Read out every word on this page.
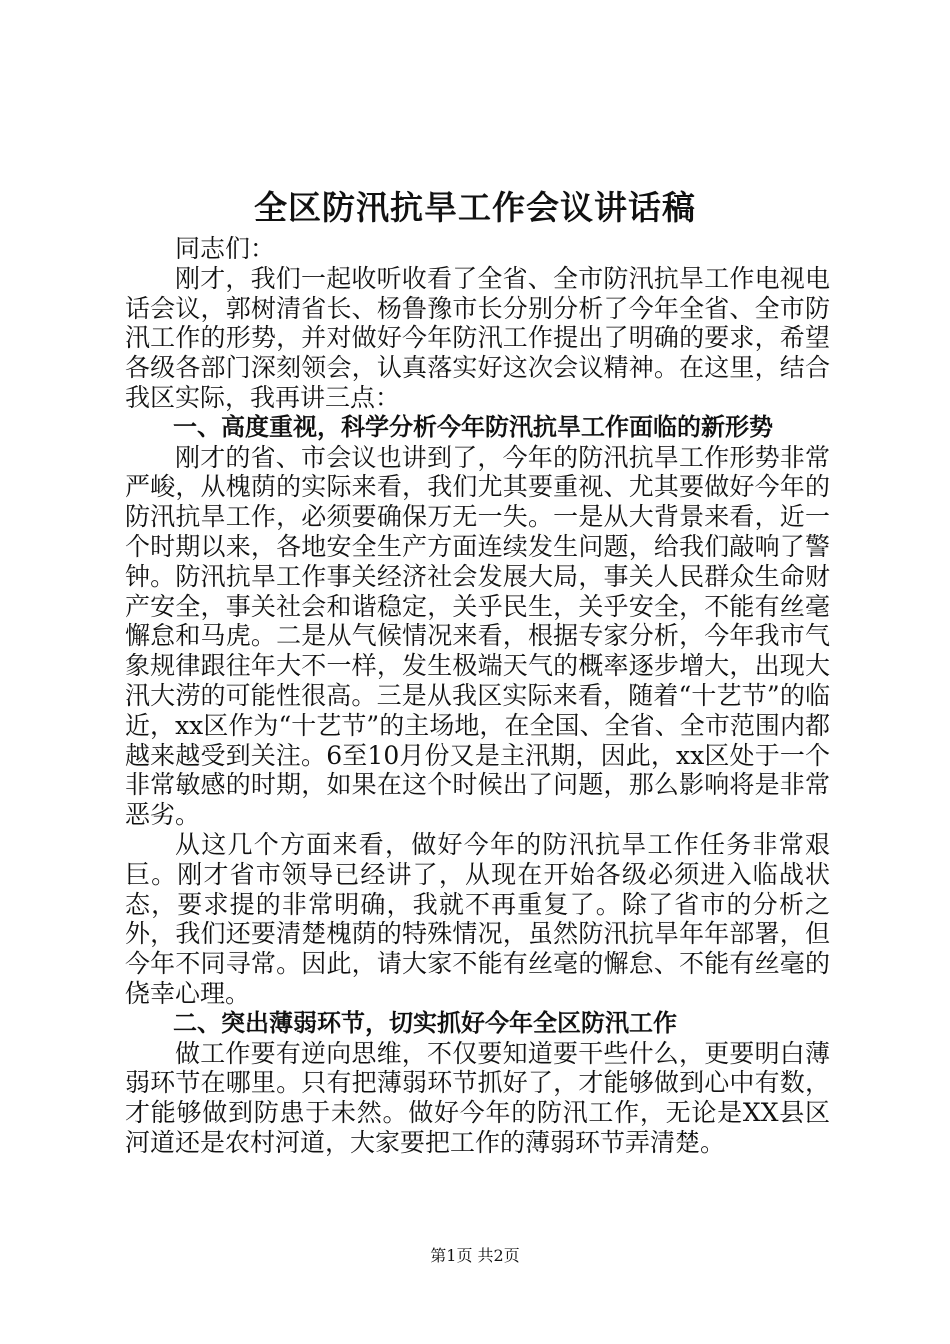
全区防汛抗旱工作会议讲话稿

同志们：

刚才，我们一起收听收看了全省、全市防汛抗旱工作电视电话会议，郭树清省长、杨鲁豫市长分别分析了今年全省、全市防汛工作的形势，并对做好今年防汛工作提出了明确的要求，希望各级各部门深刻领会，认真落实好这次会议精神。在这里，结合我区实际，我再讲三点：

一、高度重视，科学分析今年防汛抗旱工作面临的新形势

刚才的省、市会议也讲到了，今年的防汛抗旱工作形势非常严峻，从槐荫的实际来看，我们尤其要重视、尤其要做好今年的防汛抗旱工作，必须要确保万无一失。一是从大背景来看，近一个时期以来，各地安全生产方面连续发生问题，给我们敲响了警钟。防汛抗旱工作事关经济社会发展大局，事关人民群众生命财产安全，事关社会和谐稳定，关乎民生，关乎安全，不能有丝毫懈怠和马虎。二是从气候情况来看，根据专家分析，今年我市气象规律跟往年大不一样，发生极端天气的概率逐步增大，出现大汛大涝的可能性很高。三是从我区实际来看，随着“十艺节”的临近，xx区作为“十艺节”的主场地，在全国、全省、全市范围内都越来越受到关注。6至10月份又是主汛期，因此，xx区处于一个非常敏感的时期，如果在这个时候出了问题，那么影响将是非常恶劣。

从这几个方面来看，做好今年的防汛抗旱工作任务非常艰巨。刚才省市领导已经讲了，从现在开始各级必须进入临战状态，要求提的非常明确，我就不再重复了。除了省市的分析之外，我们还要清楚槐荫的特殊情况，虽然防汛抗旱年年部署，但今年不同寻常。因此，请大家不能有丝毫的懈怠、不能有丝毫的侥幸心理。

二、突出薄弱环节，切实抓好今年全区防汛工作

做工作要有逆向思维，不仅要知道要干些什么，更要明白薄弱环节在哪里。只有把薄弱环节抓好了，才能够做到心中有数，才能够做到防患于未然。做好今年的防汛工作，无论是XX县区河道还是农村河道，大家要把工作的薄弱环节弄清楚。

第1页 共2页
